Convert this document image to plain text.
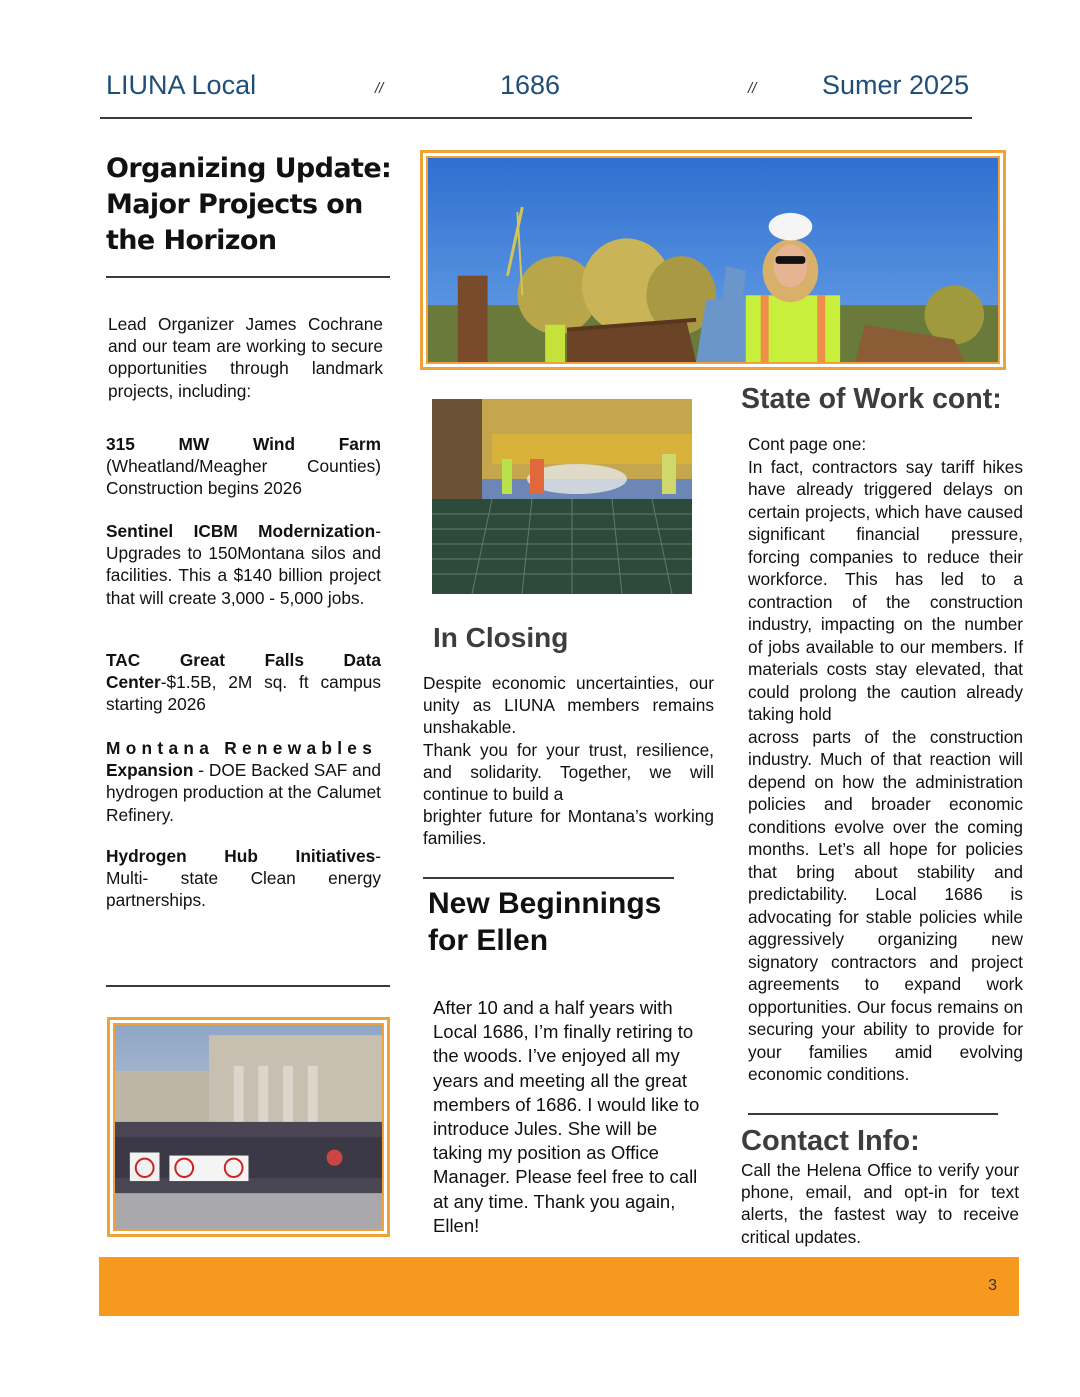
LIUNA Local	//	1686	// Sumer 2025
Organizing Update: Major Projects on the Horizon
Lead Organizer James Cochrane and our team are working to secure opportunities through landmark projects, including:
315 MW Wind Farm (Wheatland/Meagher Counties) Construction begins 2026
Sentinel ICBM Modernization-Upgrades to 150Montana silos and facilities. This a $140 billion project that will create 3,000 - 5,000 jobs.
TAC Great Falls Data Center-$1.5B, 2M sq. ft campus starting 2026
Montana Renewables
Expansion - DOE Backed SAF and hydrogen production at the Calumet Refinery.
Hydrogen Hub Initiatives-Multi- state Clean energy partnerships.
In Closing
Despite economic uncertainties, our unity as LIUNA members remains unshakable.
Thank you for your trust, resilience, and solidarity. Together, we will continue to build a
brighter future for Montana’s working families.
New Beginnings for Ellen
After 10 and a half years with Local 1686, I’m finally retiring to the woods. I’ve enjoyed all my years and meeting all the great members of 1686. I would like to introduce Jules. She will be taking my position as Office Manager. Please feel free to call at any time. Thank you again, Ellen!
State of Work cont:
Cont page one:
In fact, contractors say tariff hikes have already triggered delays on certain projects, which have caused significant financial pressure, forcing companies to reduce their workforce. This has led to a contraction of the construction industry, impacting on the number of jobs available to our members. If materials costs stay elevated, that could prolong the caution already taking hold
across parts of the construction industry. Much of that reaction will depend on how the administration policies and broader economic conditions evolve over the coming months. Let’s all hope for policies that bring about stability and predictability. Local 1686 is advocating for stable policies while aggressively organizing new signatory contractors and project agreements to expand work opportunities. Our focus remains on securing your ability to provide for your families amid evolving economic conditions.
Contact Info:
Call the Helena Office to verify your phone, email, and opt-in for text alerts, the fastest way to receive critical updates.
3
